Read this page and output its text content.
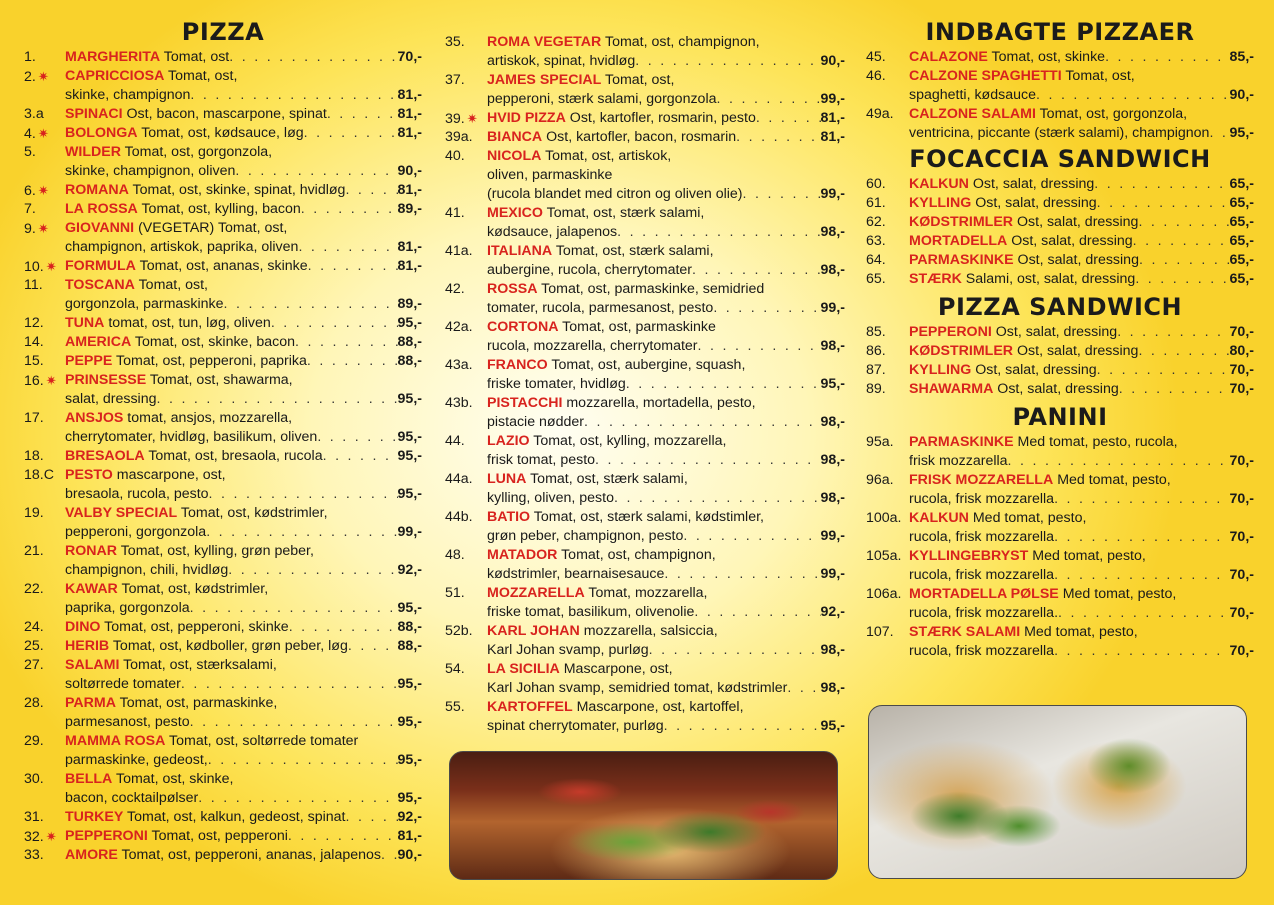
PIZZA
1. MARGHERITA Tomat, ost . . .	70,-
2. ✷ CAPRICCIOSA Tomat, ost,
skinke, champignon . . .	81,-
3.a SPINACI Ost, bacon, mascarpone, spinat . . .	81,-
4. ✷ BOLONGA Tomat, ost, kødsauce, løg . . .	81,-
5. WILDER Tomat, ost, gorgonzola,
skinke, champignon, oliven . . .	90,-
6. ✷ ROMANA Tomat, ost, skinke, spinat, hvidløg . . .	81,-
7. LA ROSSA Tomat, ost, kylling, bacon . . .	89,-
9. ✷ GIOVANNI (VEGETAR) Tomat, ost,
champignon, artiskok, paprika, oliven . . .	81,-
10. ✷ FORMULA Tomat, ost, ananas, skinke . . .	81,-
11. TOSCANA Tomat, ost,
gorgonzola, parmaskinke . . .	89,-
12. TUNA tomat, ost, tun, løg, oliven . . .	95,-
14. AMERICA Tomat, ost, skinke, bacon . . .	88,-
15. PEPPE Tomat, ost, pepperoni, paprika . . .	88,-
16. ✷ PRINSESSE Tomat, ost, shawarma,
salat, dressing . . .	95,-
17. ANSJOS tomat, ansjos, mozzarella,
cherrytomater, hvidløg, basilikum, oliven . . .	95,-
18. BRESAOLA Tomat, ost, bresaola, rucola . . .	95,-
18.C PESTO mascarpone, ost,
bresaola, rucola, pesto . . .	95,-
19. VALBY SPECIAL Tomat, ost, kødstrimler,
pepperoni, gorgonzola . . .	99,-
21. RONAR Tomat, ost, kylling, grøn peber,
champignon, chili, hvidløg . . .	92,-
22. KAWAR Tomat, ost, kødstrimler,
paprika, gorgonzola . . .	95,-
24. DINO Tomat, ost, pepperoni, skinke . . .	88,-
25. HERIB Tomat, ost, kødboller, grøn peber, løg . . .	88,-
27. SALAMI Tomat, ost, stærksalami,
soltørrede tomater . . .	95,-
28. PARMA Tomat, ost, parmaskinke,
parmesanost, pesto . . .	95,-
29. MAMMA ROSA Tomat, ost, soltørrede tomater
parmaskinke, gedeost, . . .	95,-
30. BELLA Tomat, ost, skinke,
bacon, cocktailpølser . . .	95,-
31. TURKEY Tomat, ost, kalkun, gedeost, spinat . . .	92,-
32. ✷ PEPPERONI Tomat, ost, pepperoni . . .	81,-
33. AMORE Tomat, ost, pepperoni, ananas, jalapenos . . . 90,-
35. ROMA VEGETAR Tomat, ost, champignon,
artiskok, spinat, hvidløg . . .	90,-
37. JAMES SPECIAL Tomat, ost,
pepperoni, stærk salami, gorgonzola . . .	99,-
39. ✷ HVID PIZZA Ost, kartofler, rosmarin, pesto . . .	81,-
39a. BIANCA Ost, kartofler, bacon, rosmarin . . .	81,-
40. NICOLA Tomat, ost, artiskok,
oliven, parmaskinke
(rucola blandet med citron og oliven olie) . . .	99,-
41. MEXICO Tomat, ost, stærk salami,
kødsauce, jalapenos . . .	98,-
41a. ITALIANA Tomat, ost, stærk salami,
aubergine, rucola, cherrytomater . . .	98,-
42. ROSSA Tomat, ost, parmaskinke, semidried
tomater, rucola, parmesanost, pesto . . .	99,-
42a. CORTONA Tomat, ost, parmaskinke
rucola, mozzarella, cherrytomater . . .	98,-
43a. FRANCO Tomat, ost, aubergine, squash,
friske tomater, hvidløg . . .	95,-
43b. PISTACCHI mozzarella, mortadella, pesto,
pistacie nødder . . .	98,-
44. LAZIO Tomat, ost, kylling, mozzarella,
frisk tomat, pesto . . .	98,-
44a. LUNA Tomat, ost, stærk salami,
kylling, oliven, pesto . . .	98,-
44b. BATIO Tomat, ost, stærk salami, kødstimler,
grøn peber, champignon, pesto . . .	99,-
48. MATADOR Tomat, ost, champignon,
kødstrimler, bearnaisesauce . . .	99,-
51. MOZZARELLA Tomat, mozzarella,
friske tomat, basilikum, olivenolie . . .	92,-
52b. KARL JOHAN mozzarella, salsiccia,
Karl Johan svamp, purløg . . .	98,-
54. LA SICILIA Mascarpone, ost,
Karl Johan svamp, semidried tomat, kødstrimler . . . 98,-
55. KARTOFFEL Mascarpone, ost, kartoffel,
spinat cherrytomater, purløg . . .	95,-
INDBAGTE PIZZAER
45. CALAZONE Tomat, ost, skinke . . .	85,-
46. CALZONE SPAGHETTI Tomat, ost,
spaghetti, kødsauce . . .	90,-
49a. CALZONE SALAMI Tomat, ost, gorgonzola,
ventricina, piccante (stærk salami), champignon . . . 95,-
FOCACCIA SANDWICH
60. KALKUN Ost, salat, dressing . . .	65,-
61. KYLLING Ost, salat, dressing . . .	65,-
62. KØDSTRIMLER Ost, salat, dressing . . .	65,-
63. MORTADELLA Ost, salat, dressing . . .	65,-
64. PARMASKINKE Ost, salat, dressing . . .	65,-
65. STÆRK Salami, ost, salat, dressing . . .	65,-
PIZZA SANDWICH
85. PEPPERONI Ost, salat, dressing . . .	70,-
86. KØDSTRIMLER Ost, salat, dressing . . .	80,-
87. KYLLING Ost, salat, dressing . . .	70,-
89. SHAWARMA Ost, salat, dressing . . .	70,-
PANINI
95a. PARMASKINKE Med tomat, pesto, rucola,
frisk mozzarella . . .	70,-
96a. FRISK MOZZARELLA Med tomat, pesto,
rucola, frisk mozzarella . . .	70,-
100a. KALKUN Med tomat, pesto,
rucola, frisk mozzarella . . .	70,-
105a. KYLLINGEBRYST Med tomat, pesto,
rucola, frisk mozzarella . . .	70,-
106a. MORTADELLA PØLSE Med tomat, pesto,
rucola, frisk mozzarella. . . .	70,-
107. STÆRK SALAMI Med tomat, pesto,
rucola, frisk mozzarella . . .	70,-
